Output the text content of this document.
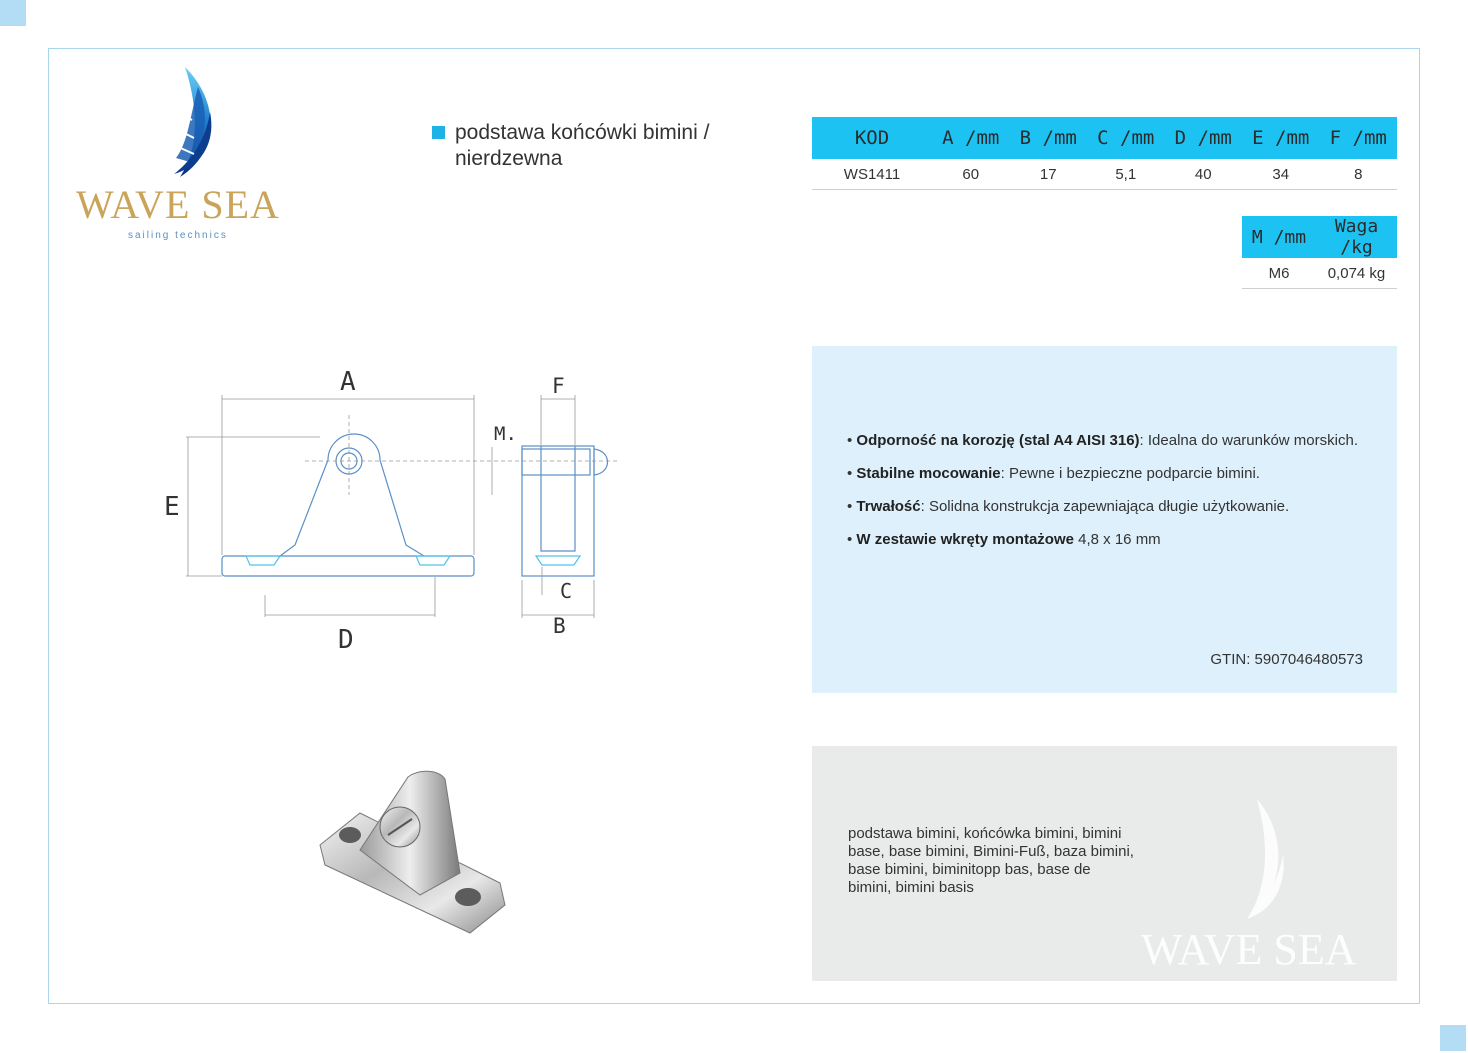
WAVE SEA
sailing technics
podstawa końcówki bimini / nierdzewna
KOD	A /mm	B /mm	C /mm	D /mm	E /mm	F /mm
WS1411	60	17	5,1	40	34	8
M /mm	Waga /kg
M6	0,074 kg
A
B
C
D
E
F
M.	• Odporność na korozję (stal A4 AISI 316): Idealna do warunków morskich.

• Stabilne mocowanie: Pewne i bezpieczne podparcie bimini.

• Trwałość: Solidna konstrukcja zapewniająca długie użytkowanie.

• W zestawie wkręty montażowe 4,8 x 16 mm

GTIN: 5907046480573
podstawa bimini, końcówka bimini, bimini base, base bimini, Bimini-Fuß, baza bimini, base bimini, biminitopp bas, base de bimini, bimini basis
WAVE SEA
